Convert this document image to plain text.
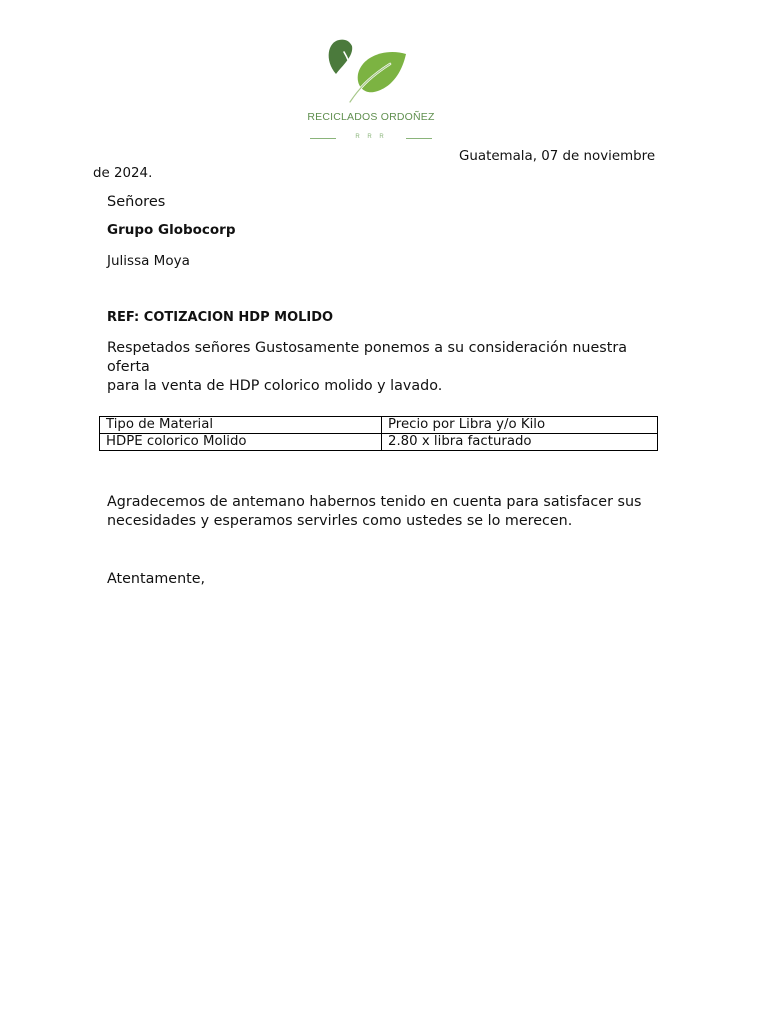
RECICLADOS ORDOÑEZ
R R R
Guatemala, 07 de noviembre
de 2024.
Señores
Grupo Globocorp
Julissa Moya
REF: COTIZACION HDP MOLIDO
Respetados señores Gustosamente ponemos a su consideración nuestra oferta
para la venta de HDP colorico molido y lavado.
Tipo de Material	Precio por Libra y/o Kilo
HDPE colorico Molido	2.80 x libra facturado
Agradecemos de antemano habernos tenido en cuenta para satisfacer sus
necesidades y esperamos servirles como ustedes se lo merecen.
Atentamente,
